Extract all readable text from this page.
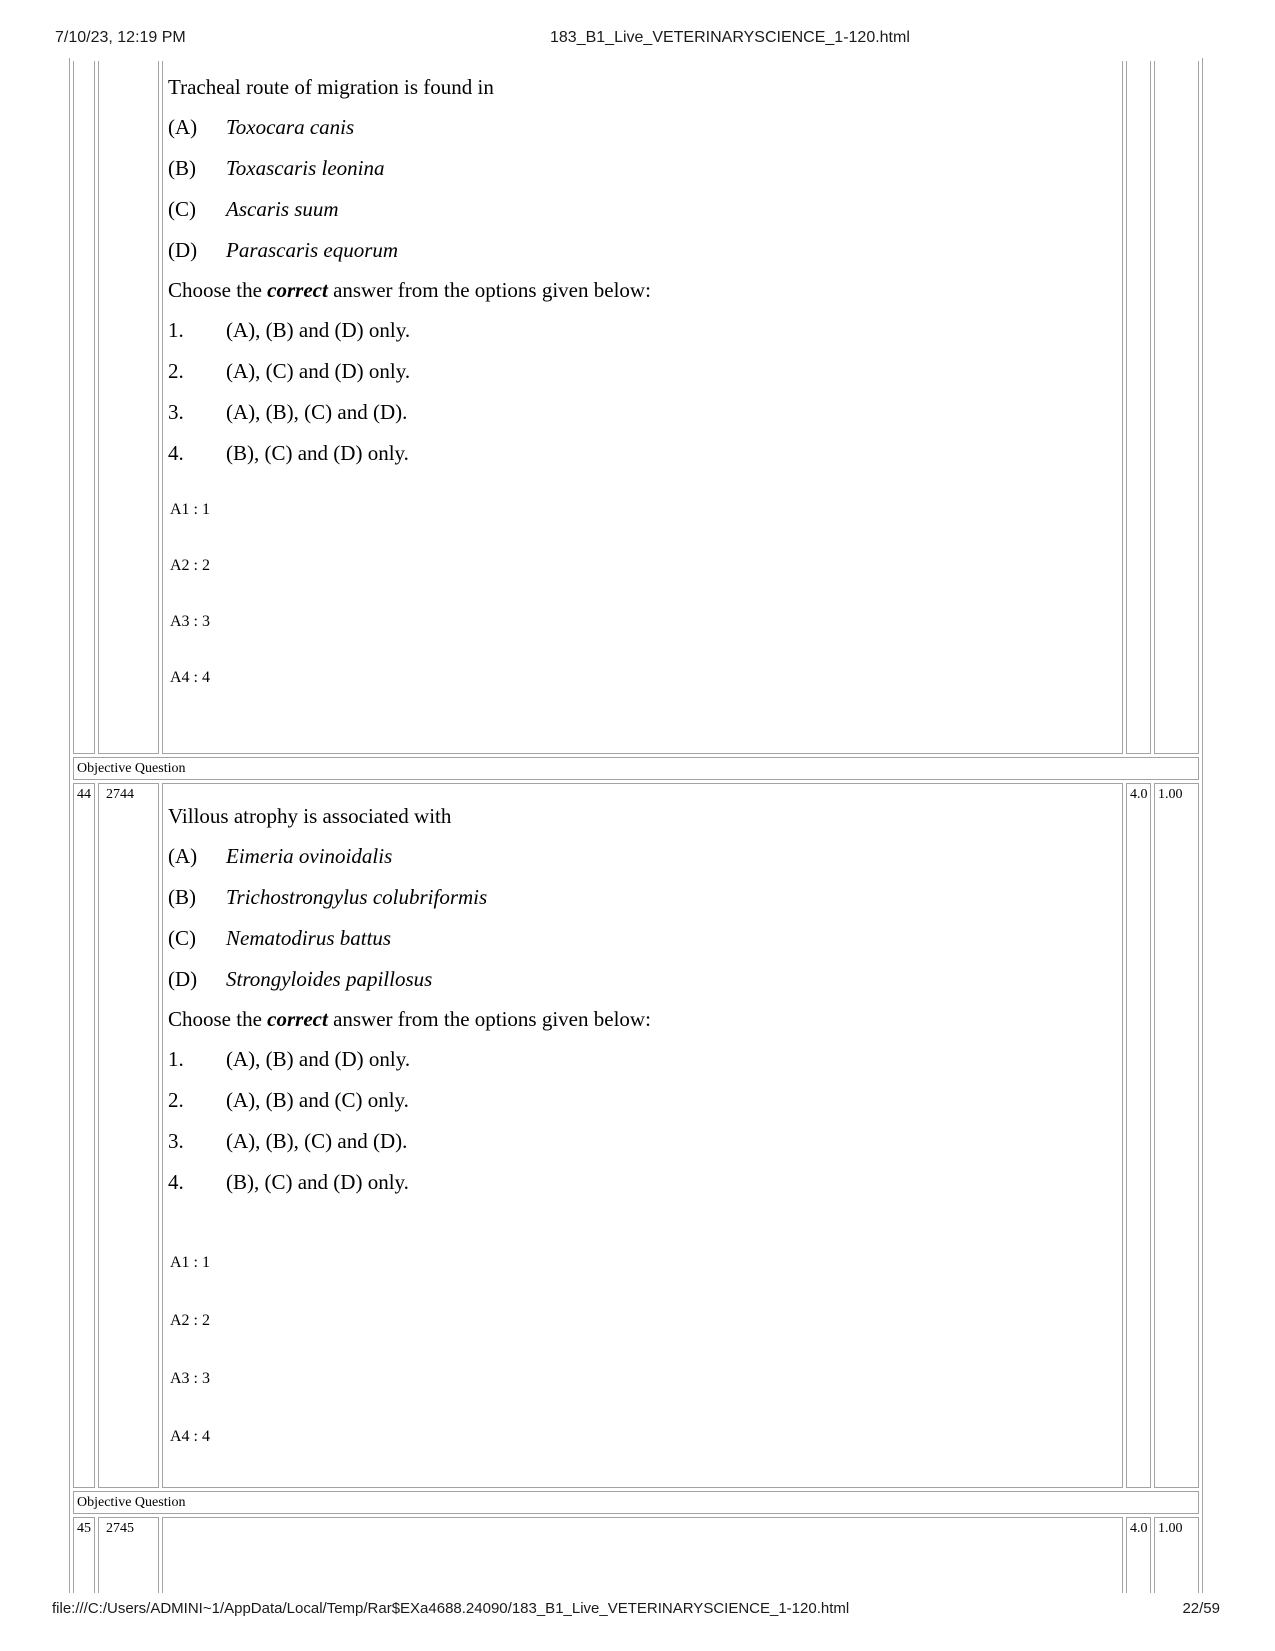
7/10/23, 12:19 PM	183_B1_Live_VETERINARYSCIENCE_1-120.html

Tracheal route of migration is found in
(A) Toxocara canis
(B) Toxascaris leonina
(C) Ascaris suum
(D) Parascaris equorum
Choose the correct answer from the options given below:
1. (A), (B) and (D) only.
2. (A), (C) and (D) only.
3. (A), (B), (C) and (D).
4. (B), (C) and (D) only.
A1 : 1
A2 : 2
A3 : 3
A4 : 4

Objective Question				
44	2744	
Villous atrophy is associated with
(A) Eimeria ovinoidalis
(B) Trichostrongylus colubriformis
(C) Nematodirus battus
(D) Strongyloides papillosus
Choose the correct answer from the options given below:
1. (A), (B) and (D) only.
2. (A), (B) and (C) only.
3. (A), (B), (C) and (D).
4. (B), (C) and (D) only.
A1 : 1
A2 : 2
A3 : 3
A4 : 4
	4.0	1.00
Objective Question				
45	2745		4.0	1.00
file:///C:/Users/ADMINI~1/AppData/Local/Temp/Rar$EXa4688.24090/183_B1_Live_VETERINARYSCIENCE_1-120.html	22/59
